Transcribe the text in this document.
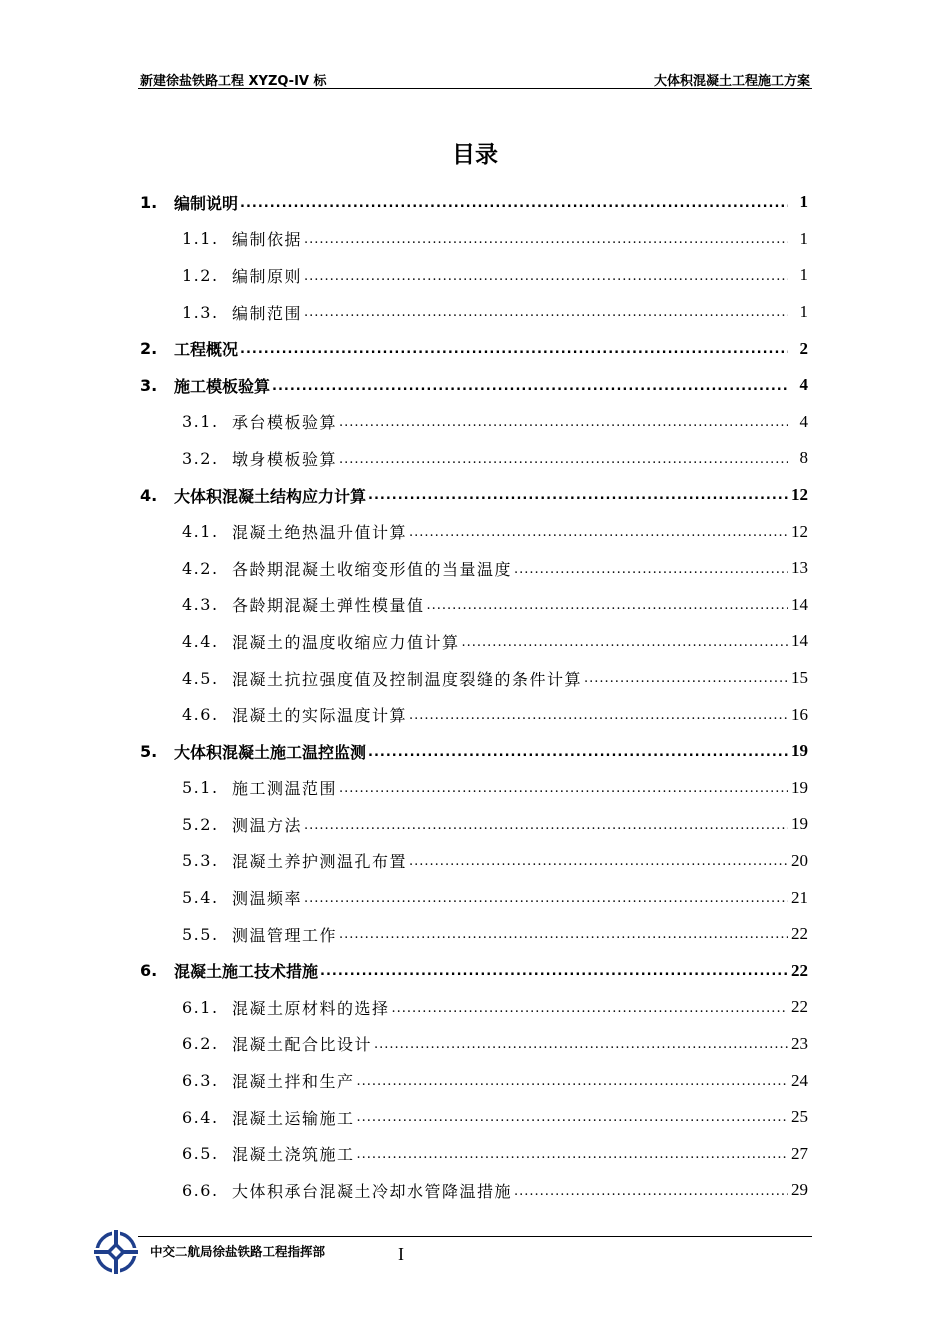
新建徐盐铁路工程 XYZQ-IV 标	大体积混凝土工程施工方案
目录
1.	编制说明 .....	1
1.1. 编制依据 .....	1
1.2. 编制原则 .....	1
1.3. 编制范围 .....	1
2.	工程概况 .....	2
3.	施工模板验算 .....	4
3.1. 承台模板验算 .....	4
3.2. 墩身模板验算 .....	8
4.	大体积混凝土结构应力计算 .....	12
4.1. 混凝土绝热温升值计算 .....	12
4.2. 各龄期混凝土收缩变形值的当量温度 .....	13
4.3. 各龄期混凝土弹性模量值 .....	14
4.4. 混凝土的温度收缩应力值计算 .....	14
4.5. 混凝土抗拉强度值及控制温度裂缝的条件计算 .....	15
4.6. 混凝土的实际温度计算 .....	16
5.	大体积混凝土施工温控监测 .....	19
5.1. 施工测温范围 .....	19
5.2. 测温方法 .....	19
5.3. 混凝土养护测温孔布置 .....	20
5.4. 测温频率 .....	21
5.5. 测温管理工作 .....	22
6.	混凝土施工技术措施 .....	22
6.1. 混凝土原材料的选择 .....	22
6.2. 混凝土配合比设计 .....	23
6.3. 混凝土拌和生产 .....	24
6.4. 混凝土运输施工 .....	25
6.5. 混凝土浇筑施工 .....	27
6.6. 大体积承台混凝土冷却水管降温措施 .....	29
中交二航局徐盐铁路工程指挥部	I
